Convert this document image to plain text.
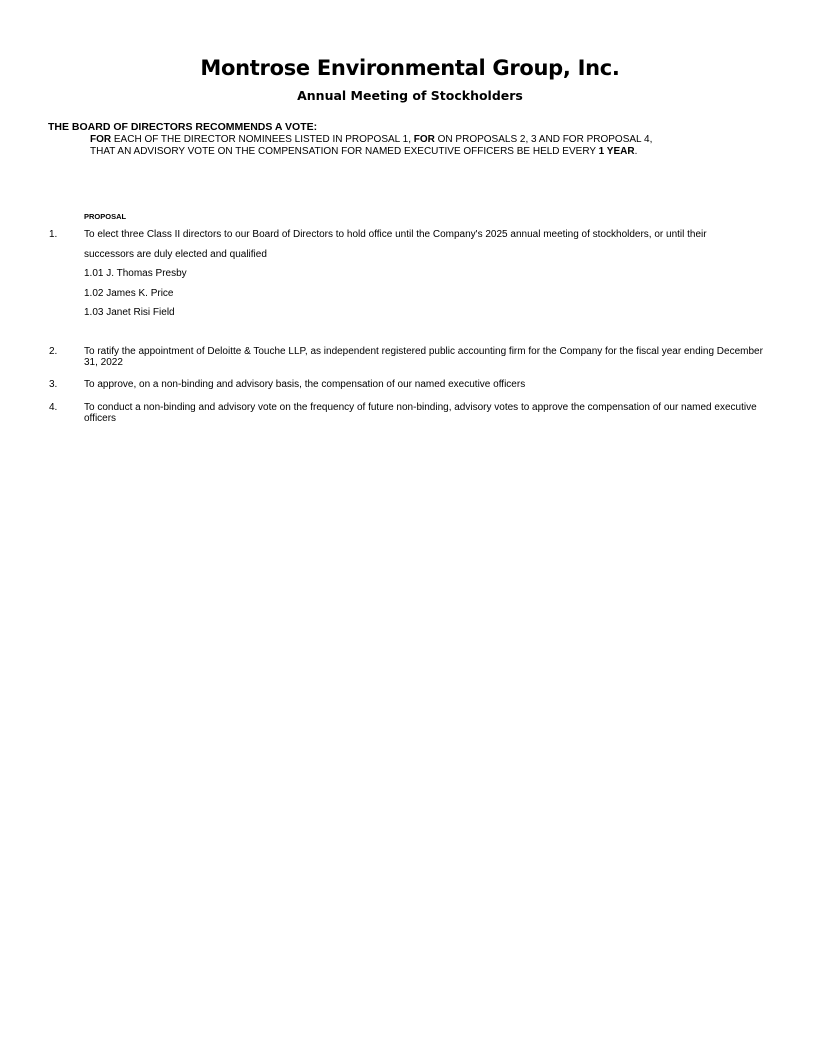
Montrose Environmental Group, Inc.
Annual Meeting of Stockholders
THE BOARD OF DIRECTORS RECOMMENDS A VOTE:
FOR EACH OF THE DIRECTOR NOMINEES LISTED IN PROPOSAL 1, FOR ON PROPOSALS 2, 3 AND FOR PROPOSAL 4,
THAT AN ADVISORY VOTE ON THE COMPENSATION FOR NAMED EXECUTIVE OFFICERS BE HELD EVERY 1 YEAR.
PROPOSAL
1.	To elect three Class II directors to our Board of Directors to hold office until the Company's 2025 annual meeting of stockholders, or until their
successors are duly elected and qualified
1.01 J. Thomas Presby
1.02 James K. Price
1.03 Janet Risi Field
2.	To ratify the appointment of Deloitte & Touche LLP, as independent registered public accounting firm for the Company for the fiscal year ending December 31, 2022
3.	To approve, on a non-binding and advisory basis, the compensation of our named executive officers
4.	To conduct a non-binding and advisory vote on the frequency of future non-binding, advisory votes to approve the compensation of our named executive officers
